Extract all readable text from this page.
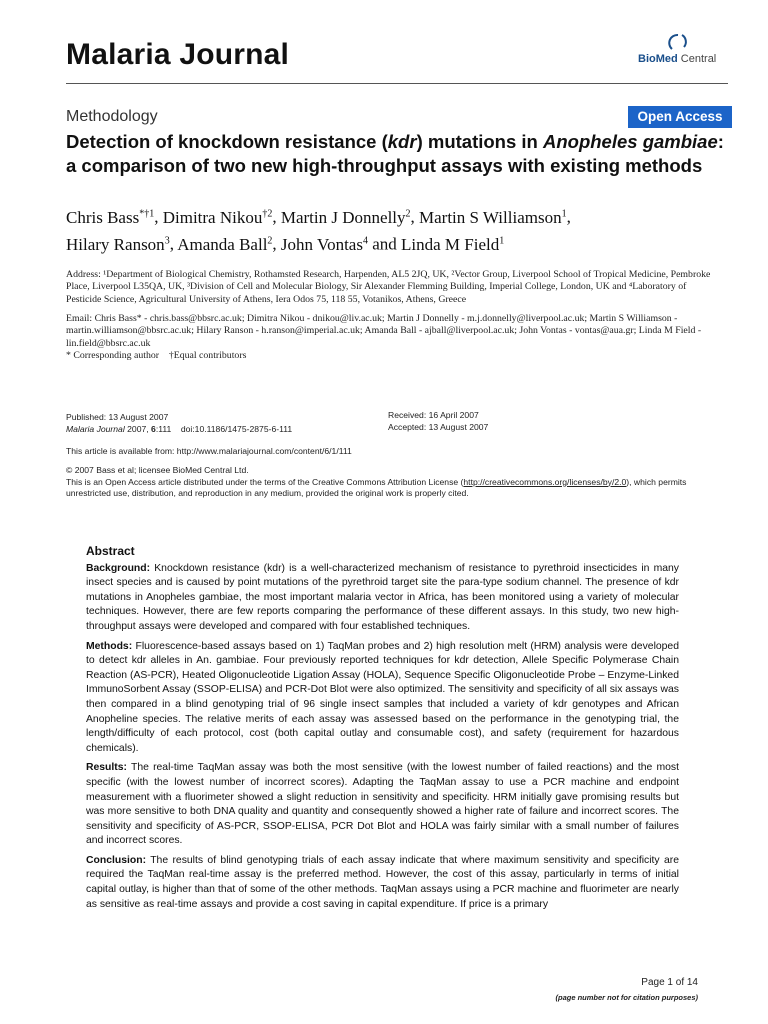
Malaria Journal	BioMed Central
Methodology	Open Access
Detection of knockdown resistance (kdr) mutations in Anopheles gambiae: a comparison of two new high-throughput assays with existing methods
Chris Bass$^{*\dagger 1}$, Dimitra Nikou$^{\dagger 2}$, Martin J Donnelly$^2$, Martin S Williamson$^1$,
Hilary Ranson$^3$, Amanda Ball$^2$, John Vontas$^4$ and Linda M Field$^1$
Address: ¹Department of Biological Chemistry, Rothamsted Research, Harpenden, AL5 2JQ, UK, ²Vector Group, Liverpool School of Tropical Medicine, Pembroke Place, Liverpool L35QA, UK, ³Division of Cell and Molecular Biology, Sir Alexander Flemming Building, Imperial College, London, UK and ⁴Laboratory of Pesticide Science, Agricultural University of Athens, Iera Odos 75, 118 55, Votanikos, Athens, Greece
Email: Chris Bass* - chris.bass@bbsrc.ac.uk; Dimitra Nikou - dnikou@liv.ac.uk; Martin J Donnelly - m.j.donnelly@liverpool.ac.uk; Martin S Williamson - martin.williamson@bbsrc.ac.uk; Hilary Ranson - h.ranson@imperial.ac.uk; Amanda Ball - ajball@liverpool.ac.uk; John Vontas - vontas@aua.gr; Linda M Field - lin.field@bbsrc.ac.uk
* Corresponding author    †Equal contributors
Published: 13 August 2007
Malaria Journal 2007, 6:111    doi:10.1186/1475-2875-6-111
Received: 16 April 2007
Accepted: 13 August 2007
This article is available from: http://www.malariajournal.com/content/6/1/111
© 2007 Bass et al; licensee BioMed Central Ltd.
This is an Open Access article distributed under the terms of the Creative Commons Attribution License (http://creativecommons.org/licenses/by/2.0), which permits unrestricted use, distribution, and reproduction in any medium, provided the original work is properly cited.
Abstract

Background: Knockdown resistance (kdr) is a well-characterized mechanism of resistance to pyrethroid insecticides in many insect species and is caused by point mutations of the pyrethroid target site the para-type sodium channel. The presence of kdr mutations in Anopheles gambiae, the most important malaria vector in Africa, has been monitored using a variety of molecular techniques. However, there are few reports comparing the performance of these different assays. In this study, two new high-throughput assays were developed and compared with four established techniques.

Methods: Fluorescence-based assays based on 1) TaqMan probes and 2) high resolution melt (HRM) analysis were developed to detect kdr alleles in An. gambiae. Four previously reported techniques for kdr detection, Allele Specific Polymerase Chain Reaction (AS-PCR), Heated Oligonucleotide Ligation Assay (HOLA), Sequence Specific Oligonucleotide Probe – Enzyme-Linked ImmunoSorbent Assay (SSOP-ELISA) and PCR-Dot Blot were also optimized. The sensitivity and specificity of all six assays was then compared in a blind genotyping trial of 96 single insect samples that included a variety of kdr genotypes and African Anopheline species. The relative merits of each assay was assessed based on the performance in the genotyping trial, the length/difficulty of each protocol, cost (both capital outlay and consumable cost), and safety (requirement for hazardous chemicals).

Results: The real-time TaqMan assay was both the most sensitive (with the lowest number of failed reactions) and the most specific (with the lowest number of incorrect scores). Adapting the TaqMan assay to use a PCR machine and endpoint measurement with a fluorimeter showed a slight reduction in sensitivity and specificity. HRM initially gave promising results but was more sensitive to both DNA quality and quantity and consequently showed a higher rate of failure and incorrect scores. The sensitivity and specificity of AS-PCR, SSOP-ELISA, PCR Dot Blot and HOLA was fairly similar with a small number of failures and incorrect scores.

Conclusion: The results of blind genotyping trials of each assay indicate that where maximum sensitivity and specificity are required the TaqMan real-time assay is the preferred method. However, the cost of this assay, particularly in terms of initial capital outlay, is higher than that of some of the other methods. TaqMan assays using a PCR machine and fluorimeter are nearly as sensitive as real-time assays and provide a cost saving in capital expenditure. If price is a primary

Page 1 of 14
(page number not for citation purposes)
